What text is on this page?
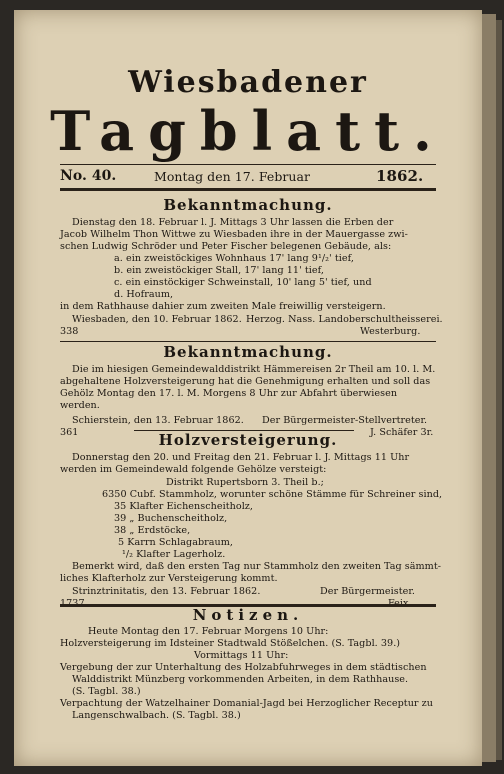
Wiesbadener
Tagblatt.
No. 40.	Montag den 17. Februar	1862.
Bekanntmachung.
Dienstag den 18. Februar l. J. Mittags 3 Uhr lassen die Erben der
Jacob Wilhelm Thon Wittwe zu Wiesbaden ihre in der Mauergasse zwi-
schen Ludwig Schröder und Peter Fischer belegenen Gebäude, als:
a. ein zweistöckiges Wohnhaus 17' lang 9¹/₂' tief,
b. ein zweistöckiger Stall, 17' lang 11' tief,
c. ein einstöckiger Schweinstall, 10' lang 5' tief, und
d. Hofraum,
in dem Rathhause dahier zum zweiten Male freiwillig versteigern.
Wiesbaden, den 10. Februar 1862. Herzog. Nass. Landoberschultheisserei.
338	Westerburg.
Bekanntmachung.
Die im hiesigen Gemeindewalddistrikt Hämmereisen 2r Theil am 10. l. M.
abgehaltene Holzversteigerung hat die Genehmigung erhalten und soll das
Gehölz Montag den 17. l. M. Morgens 8 Uhr zur Abfahrt überwiesen
werden.
Schierstein, den 13. Februar 1862. Der Bürgermeister-Stellvertreter.
361	J. Schäfer 3r.
Holzversteigerung.
Donnerstag den 20. und Freitag den 21. Februar l. J. Mittags 11 Uhr
werden im Gemeindewald folgende Gehölze versteigt:
Distrikt Rupertsborn 3. Theil b.;
6350 Cubf. Stammholz, worunter schöne Stämme für Schreiner sind,
35 Klafter Eichenscheitholz,
39 „ Buchenscheitholz,
38 „ Erdstöcke,
5 Karrn Schlagabraum,
¹/₂ Klafter Lagerholz.
Bemerkt wird, daß den ersten Tag nur Stammholz den zweiten Tag sämmt-
liches Klafterholz zur Versteigerung kommt.
Strinztrinitatis, den 13. Februar 1862.	Der Bürgermeister.
1737	Feix.
Notizen.
Heute Montag den 17. Februar Morgens 10 Uhr:
Holzversteigerung im Idsteiner Stadtwald Stößelchen. (S. Tagbl. 39.)
Vormittags 11 Uhr:
Vergebung der zur Unterhaltung des Holzabfuhrweges in dem städtischen
Walddistrikt Münzberg vorkommenden Arbeiten, in dem Rathhause.
(S. Tagbl. 38.)
Verpachtung der Watzelhainer Domanial-Jagd bei Herzoglicher Receptur zu
Langenschwalbach. (S. Tagbl. 38.)
